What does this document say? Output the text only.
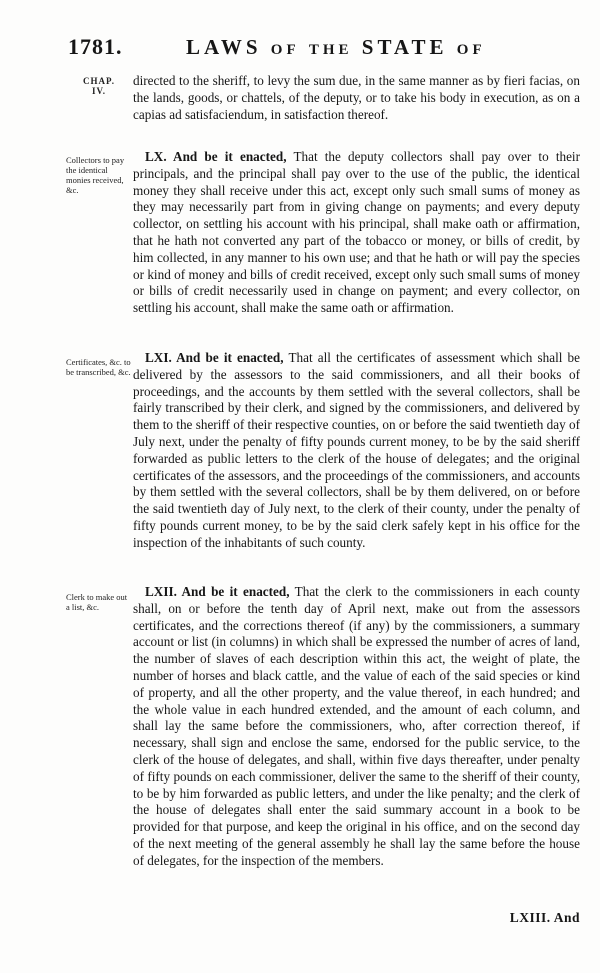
1781.	LAWS of the STATE of
CHAP.
IV.

directed to the sheriff, to levy the sum due, in the same manner as by fieri facias, on the lands, goods, or chattels, of the deputy, or to take his body in execution, as on a capias ad satisfaciendum, in satisfaction thereof.

Collectors to pay the identical monies received, &c.

LX. And be it enacted, That the deputy collectors shall pay over to their principals, and the principal shall pay over to the use of the public, the identical money they shall receive under this act, except only such small sums of money as they may necessarily part from in giving change on payments; and every deputy collector, on settling his account with his principal, shall make oath or affirmation, that he hath not converted any part of the tobacco or money, or bills of credit, by him collected, in any manner to his own use; and that he hath or will pay the species or kind of money and bills of credit received, except only such small sums of money or bills of credit necessarily used in change on payment; and every collector, on settling his account, shall make the same oath or affirmation.

Certificates, &c. to be transcribed, &c.

LXI. And be it enacted, That all the certificates of assessment which shall be delivered by the assessors to the said commissioners, and all their books of proceedings, and the accounts by them settled with the several collectors, shall be fairly transcribed by their clerk, and signed by the commissioners, and delivered by them to the sheriff of their respective counties, on or before the said twentieth day of July next, under the penalty of fifty pounds current money, to be by the said sheriff forwarded as public letters to the clerk of the house of delegates; and the original certificates of the assessors, and the proceedings of the commissioners, and accounts by them settled with the several collectors, shall be by them delivered, on or before the said twentieth day of July next, to the clerk of their county, under the penalty of fifty pounds current money, to be by the said clerk safely kept in his office for the inspection of the inhabitants of such county.

Clerk to make out a list, &c.

LXII. And be it enacted, That the clerk to the commissioners in each county shall, on or before the tenth day of April next, make out from the assessors certificates, and the corrections thereof (if any) by the commissioners, a summary account or list (in columns) in which shall be expressed the number of acres of land, the number of slaves of each description within this act, the weight of plate, the number of horses and black cattle, and the value of each of the said species or kind of property, and all the other property, and the value thereof, in each hundred; and the whole value in each hundred extended, and the amount of each column, and shall lay the same before the commissioners, who, after correction thereof, if necessary, shall sign and enclose the same, endorsed for the public service, to the clerk of the house of delegates, and shall, within five days thereafter, under penalty of fifty pounds on each commissioner, deliver the same to the sheriff of their county, to be by him forwarded as public letters, and under the like penalty; and the clerk of the house of delegates shall enter the said summary account in a book to be provided for that purpose, and keep the original in his office, and on the second day of the next meeting of the general assembly he shall lay the same before the house of delegates, for the inspection of the members.

LXIII. And
